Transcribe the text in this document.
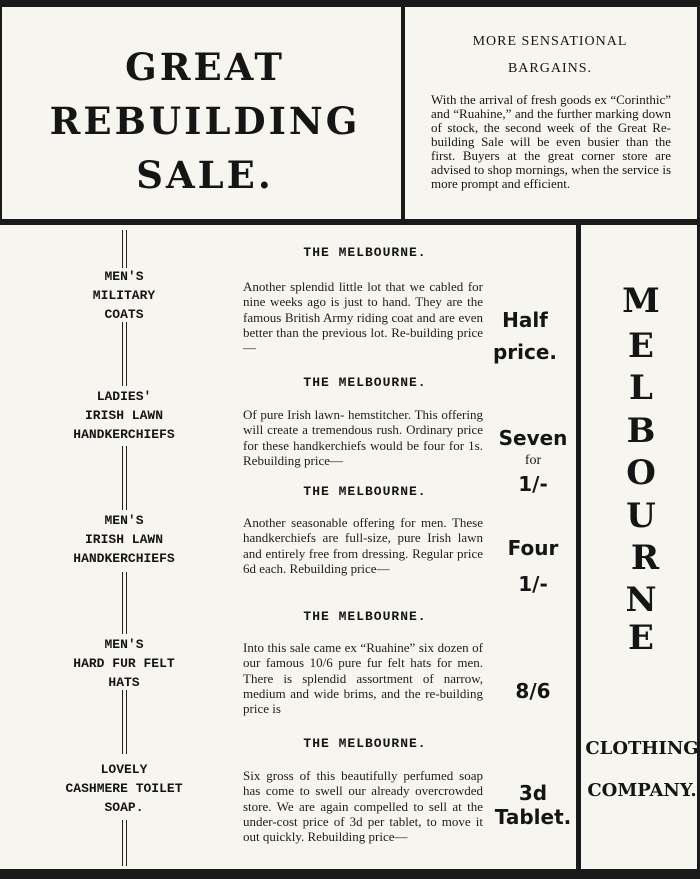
GREAT
REBUILDING
SALE.
MORE SENSATIONAL
BARGAINS.
With the arrival of fresh goods ex “Corinthic” and “Ruahine,” and the further marking down of stock, the second week of the Great Re-building Sale will be even busier than the first. Buyers at the great corner store are advised to shop mornings, when the service is more prompt and efficient.
MEN'S
MILITARY
COATS
THE MELBOURNE.
Another splendid little lot that we cabled for nine weeks ago is just to hand. They are the famous British Army riding coat and are even better than the previous lot. Re-building price—
Half
price.
LADIES'
IRISH LAWN
HANDKERCHIEFS
THE MELBOURNE.
Of pure Irish lawn- hemstitcher. This offering will create a tremendous rush. Ordinary price for these handkerchiefs would be four for 1s. Rebuilding price—
Seven
for
1/-
MEN'S
IRISH LAWN
HANDKERCHIEFS
THE MELBOURNE.
Another seasonable offering for men. These handkerchiefs are full-size, pure Irish lawn and entirely free from dressing. Regular price 6d each. Rebuilding price—
Four
1/-
MEN'S
HARD FUR FELT
HATS
THE MELBOURNE.
Into this sale came ex “Ruahine” six dozen of our famous 10/6 pure fur felt hats for men. There is splendid assortment of narrow, medium and wide brims, and the re-building price is
8/6
LOVELY
CASHMERE TOILET
SOAP.
THE MELBOURNE.
Six gross of this beautifully perfumed soap has come to swell our already overcrowded store. We are again compelled to sell at the under-cost price of 3d per tablet, to move it out quickly. Rebuilding price—
3d
Tablet.
M
E
L
B
O
U
R
N
E
CLOTHING
COMPANY.
